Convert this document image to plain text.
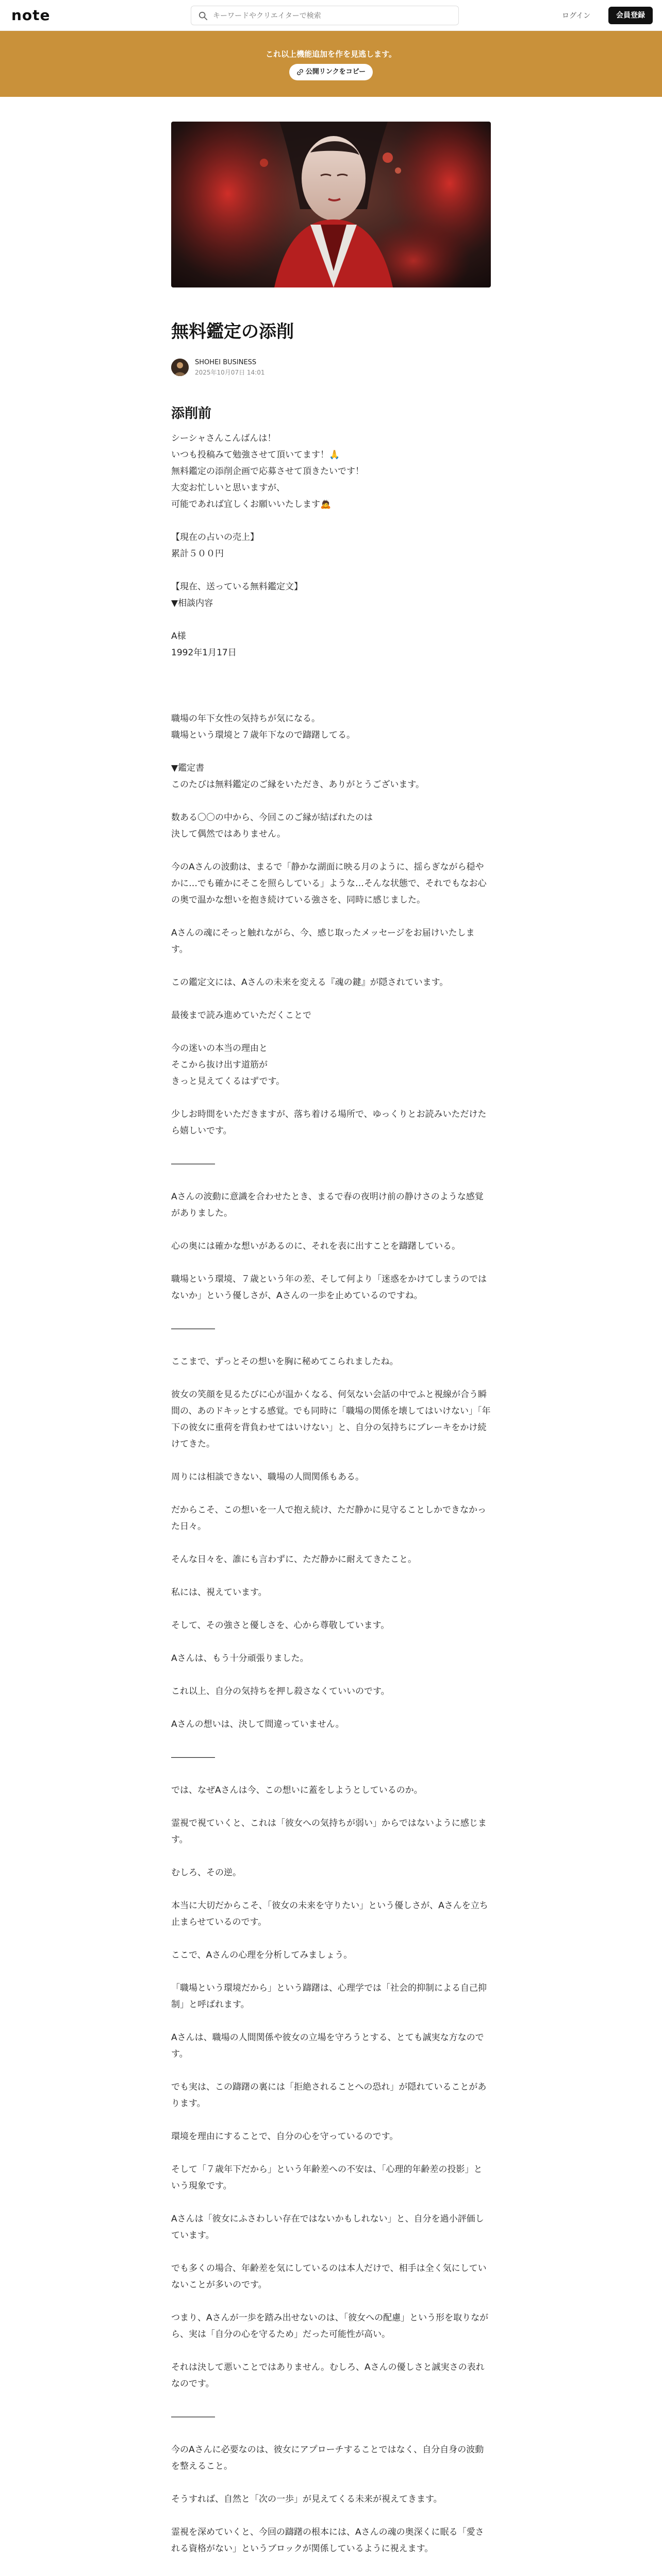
note
キーワードやクリエイターで検索	ログイン	会員登録
これ以上機能追加を作を見逃します。
公開リンクをコピー
無料鑑定の添削
SHOHEI BUSINESS
2025年10月07日 14:01
添削前

シーシャさんこんばんは！
いつも投稿みて勉強させて頂いてます！🙏
無料鑑定の添削企画で応募させて頂きたいです！
大変お忙しいと思いますが、
可能であれば宜しくお願いいたします🙇

【現在の占いの売上】
累計５００円

【現在、送っている無料鑑定文】
▼相談内容

A様
1992年1月17日

職場の年下女性の気持ちが気になる。
職場という環境と７歳年下なので躊躇してる。

▼鑑定書
このたびは無料鑑定のご縁をいただき、ありがとうございます。

数ある〇〇の中から、今回このご縁が結ばれたのは
決して偶然ではありません。

今のAさんの波動は、まるで「静かな湖面に映る月のように、揺らぎながら穏やかに…でも確かにそこを照らしている」ような…そんな状態で、それでもなお心の奥で温かな想いを抱き続けている強さを、同時に感じました。

Aさんの魂にそっと触れながら、今、感じ取ったメッセージをお届けいたします。

この鑑定文には、Aさんの未来を変える『魂の鍵』が隠されています。

最後まで読み進めていただくことで

今の迷いの本当の理由と
そこから抜け出す道筋が
きっと見えてくるはずです。

少しお時間をいただきますが、落ち着ける場所で、ゆっくりとお読みいただけたら嬉しいです。

―――――

Aさんの波動に意識を合わせたとき、まるで春の夜明け前の静けさのような感覚がありました。

心の奥には確かな想いがあるのに、それを表に出すことを躊躇している。

職場という環境、７歳という年の差、そして何より「迷惑をかけてしまうのではないか」という優しさが、Aさんの一歩を止めているのですね。

―――――

ここまで、ずっとその想いを胸に秘めてこられましたね。

彼女の笑顔を見るたびに心が温かくなる、何気ない会話の中でふと視線が合う瞬間の、あのドキッとする感覚。でも同時に「職場の関係を壊してはいけない」「年下の彼女に重荷を背負わせてはいけない」と、自分の気持ちにブレーキをかけ続けてきた。

周りには相談できない、職場の人間関係もある。

だからこそ、この想いを一人で抱え続け、ただ静かに見守ることしかできなかった日々。

そんな日々を、誰にも言わずに、ただ静かに耐えてきたこと。

私には、視えています。

そして、その強さと優しさを、心から尊敬しています。

Aさんは、もう十分頑張りました。

これ以上、自分の気持ちを押し殺さなくていいのです。

Aさんの想いは、決して間違っていません。

―――――

では、なぜAさんは今、この想いに蓋をしようとしているのか。

霊視で視ていくと、これは「彼女への気持ちが弱い」からではないように感じます。

むしろ、その逆。

本当に大切だからこそ、「彼女の未来を守りたい」という優しさが、Aさんを立ち止まらせているのです。

ここで、Aさんの心理を分析してみましょう。

「職場という環境だから」という躊躇は、心理学では「社会的抑制による自己抑制」と呼ばれます。

Aさんは、職場の人間関係や彼女の立場を守ろうとする、とても誠実な方なのです。

でも実は、この躊躇の裏には「拒絶されることへの恐れ」が隠れていることがあります。

環境を理由にすることで、自分の心を守っているのです。

そして「７歳年下だから」という年齢差への不安は、「心理的年齢差の投影」という現象です。

Aさんは「彼女にふさわしい存在ではないかもしれない」と、自分を過小評価しています。

でも多くの場合、年齢差を気にしているのは本人だけで、相手は全く気にしていないことが多いのです。

つまり、Aさんが一歩を踏み出せないのは、「彼女への配慮」という形を取りながら、実は「自分の心を守るため」だった可能性が高い。

それは決して悪いことではありません。むしろ、Aさんの優しさと誠実さの表れなのです。

―――――

今のAさんに必要なのは、彼女にアプローチすることではなく、自分自身の波動を整えること。

そうすれば、自然と「次の一歩」が見えてくる未来が視えてきます。

霊視を深めていくと、今回の躊躇の根本には、Aさんの魂の奥深くに眠る「愛される資格がない」というブロックが関係しているように視えます。
